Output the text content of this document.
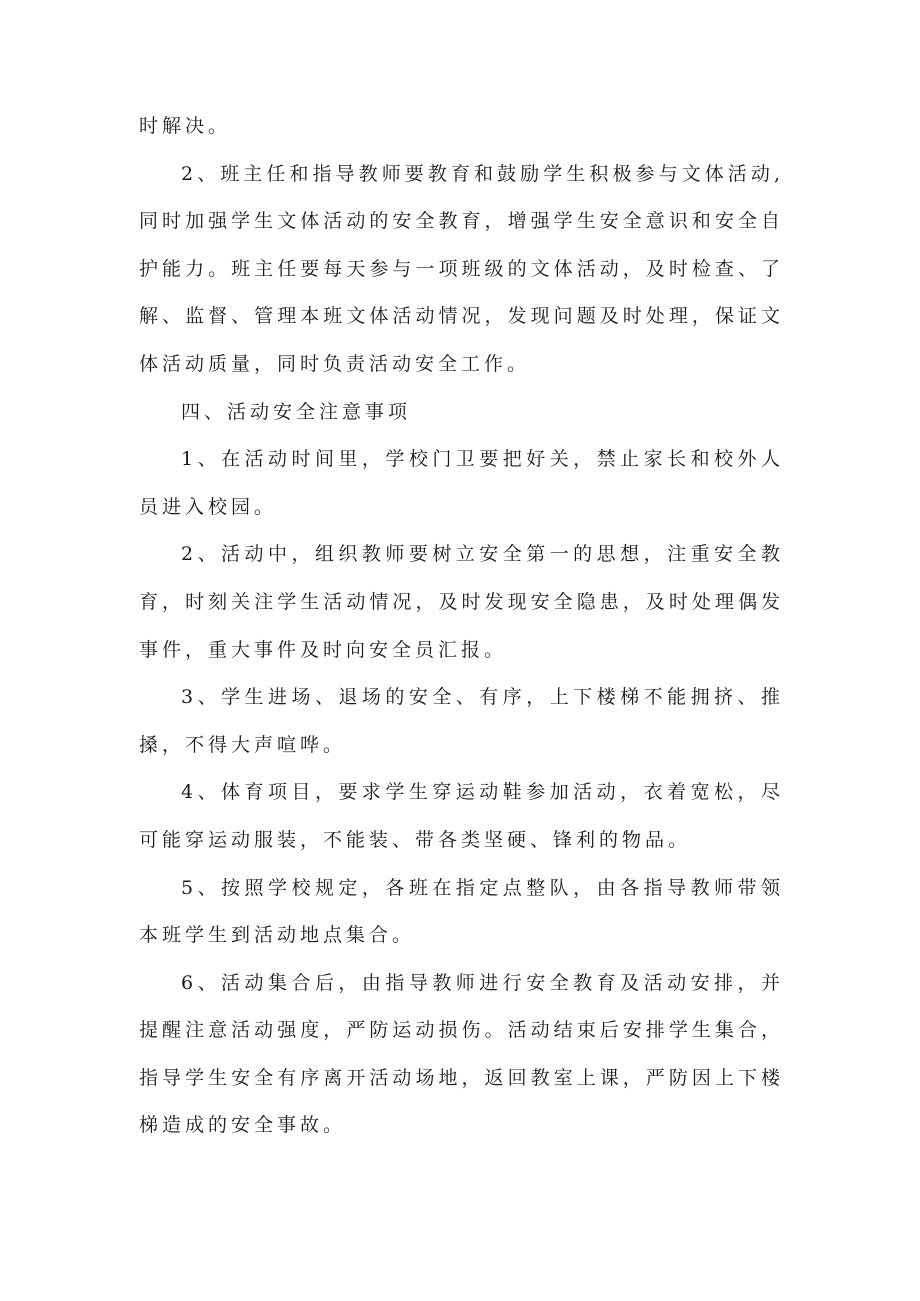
时解决。

2、班主任和指导教师要教育和鼓励学生积极参与文体活动,同时加强学生文体活动的安全教育，增强学生安全意识和安全自护能力。班主任要每天参与一项班级的文体活动，及时检查、了解、监督、管理本班文体活动情况，发现问题及时处理，保证文体活动质量，同时负责活动安全工作。

四、活动安全注意事项

1、在活动时间里，学校门卫要把好关，禁止家长和校外人员进入校园。

2、活动中，组织教师要树立安全第一的思想，注重安全教育，时刻关注学生活动情况，及时发现安全隐患，及时处理偶发事件，重大事件及时向安全员汇报。

3、学生进场、退场的安全、有序，上下楼梯不能拥挤、推搡，不得大声喧哗。

4、体育项目，要求学生穿运动鞋参加活动，衣着宽松，尽可能穿运动服装，不能装、带各类坚硬、锋利的物品。

5、按照学校规定，各班在指定点整队，由各指导教师带领本班学生到活动地点集合。

6、活动集合后，由指导教师进行安全教育及活动安排，并提醒注意活动强度，严防运动损伤。活动结束后安排学生集合，指导学生安全有序离开活动场地，返回教室上课，严防因上下楼梯造成的安全事故。
